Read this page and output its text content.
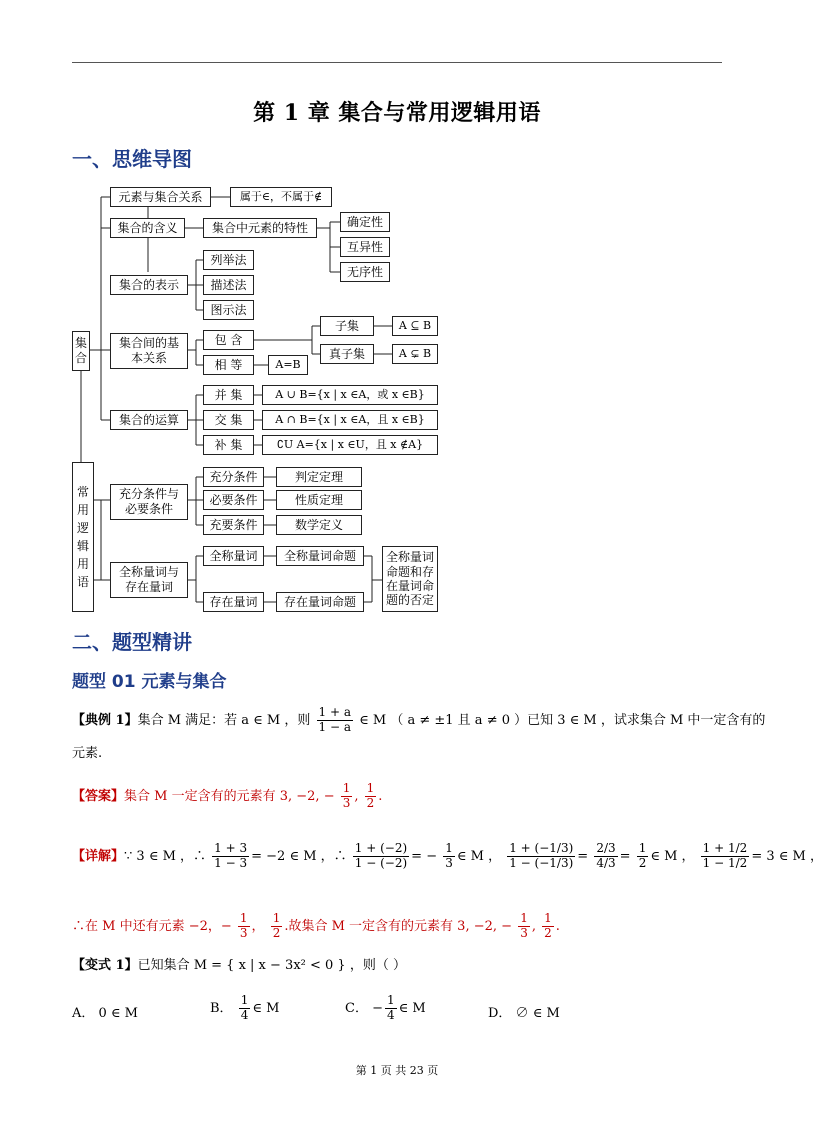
第 1 章 集合与常用逻辑用语
一、思维导图
集合
常用逻辑用语
元素与集合关系	属于∈，不属于∉
集合的含义	集合中元素的特性	确定性
互异性
无序性
集合的表示
列举法
描述法
图示法
集合间的基本关系
包 含
相 等	A=B
子集	A ⊆ B
真子集	A ⊊ B
集合的运算
并 集	A ∪ B={x | x ∈A，或 x ∈B}
交 集	A ∩ B={x | x ∈A，且 x ∈B}
补 集	∁U A={x | x ∈U，且 x ∉A}
充分条件与必要条件
充分条件	判定定理
必要条件	性质定理
充要条件	数学定义
全称量词与存在量词
全称量词	全称量词命题
存在量词	存在量词命题
全称量词命题和存在量词命题的否定
二、题型精讲
题型 01 元素与集合
【典例 1】集合 M 满足：若 a ∈ M ，则 $\frac{1 + a}{1 - a}$ ∈ M （ a ≠ ±1 且 a ≠ 0 ）已知 3 ∈ M ，试求集合 M 中一定含有的
元素.
【答案】集合 M 一定含有的元素有 3, −2, − $\frac{1}{3}$ , $\frac{1}{2}$ .
【详解】∵ 3 ∈ M ，∴ $\frac{1 + 3}{1 - 3} = -2$ ∈ M ，∴ $\frac{1 + (-2)}{1 - (-2)}$ = − $\frac{1}{3}$ ∈ M ， $\frac{1 + (-1/3)}{1 - (-1/3)} = \frac{2/3}{4/3} = \frac{1}{2}$ ∈ M ， $\frac{1 + 1/2}{1 - 1/2} = 3$ ∈ M ，
∴在 M 中还有元素 −2，− $\frac{1}{3}$ ， $\frac{1}{2}$ .故集合 M 一定含有的元素有 3, −2, − $\frac{1}{3}$ , $\frac{1}{2}$ .
【变式 1】已知集合 M = { x | x − 3x² < 0 } ，则（ ）
A． 0 ∈ M	B． $\frac{1}{4}$ ∈ M	C． − $\frac{1}{4}$ ∈ M	D． ∅ ∈ M
第 1 页 共 23 页
